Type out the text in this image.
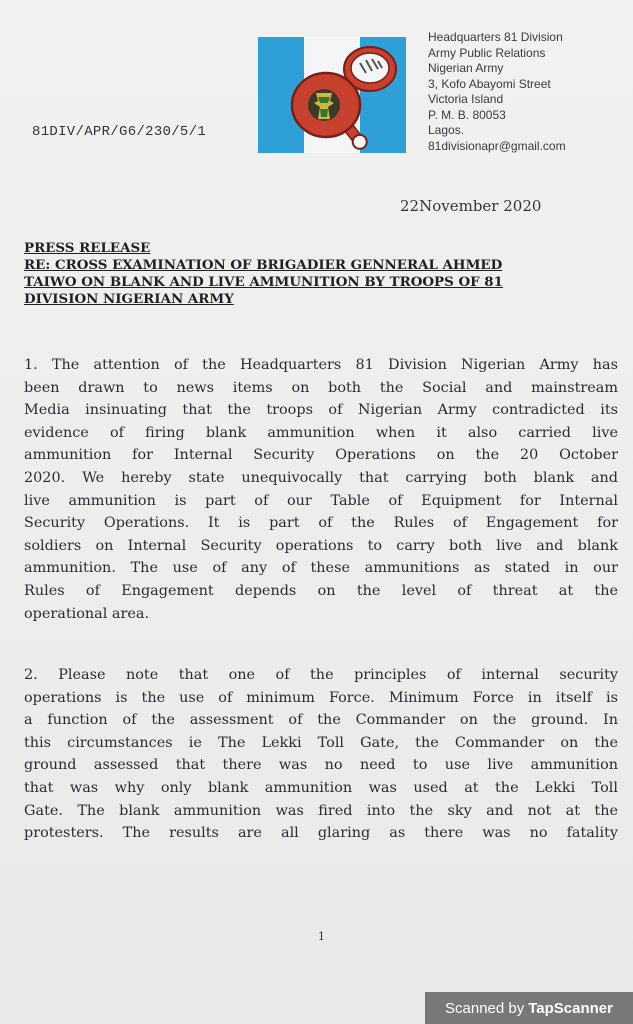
Headquarters 81 Division
Army Public Relations
Nigerian Army
3, Kofo Abayomi Street
Victoria Island
P. M. B. 80053
Lagos.
81divisionapr@gmail.com
81DIV/APR/G6/230/5/1
22November 2020
PRESS RELEASE
RE: CROSS EXAMINATION OF BRIGADIER GENNERAL AHMED
TAIWO ON BLANK AND LIVE AMMUNITION BY TROOPS OF 81
DIVISION NIGERIAN ARMY
1. The attention of the Headquarters 81 Division Nigerian Army has
been drawn to news items on both the Social and mainstream
Media insinuating that the troops of Nigerian Army contradicted its
evidence of firing blank ammunition when it also carried live
ammunition for Internal Security Operations on the 20 October
2020. We hereby state unequivocally that carrying both blank and
live ammunition is part of our Table of Equipment for Internal
Security Operations. It is part of the Rules of Engagement for
soldiers on Internal Security operations to carry both live and blank
ammunition. The use of any of these ammunitions as stated in our
Rules of Engagement depends on the level of threat at the
operational area.
2. Please note that one of the principles of internal security
operations is the use of minimum Force. Minimum Force in itself is
a function of the assessment of the Commander on the ground. In
this circumstances ie The Lekki Toll Gate, the Commander on the
ground assessed that there was no need to use live ammunition
that was why only blank ammunition was used at the Lekki Toll
Gate. The blank ammunition was fired into the sky and not at the
protesters. The results are all glaring as there was no fatality
1
Scanned by TapScanner
